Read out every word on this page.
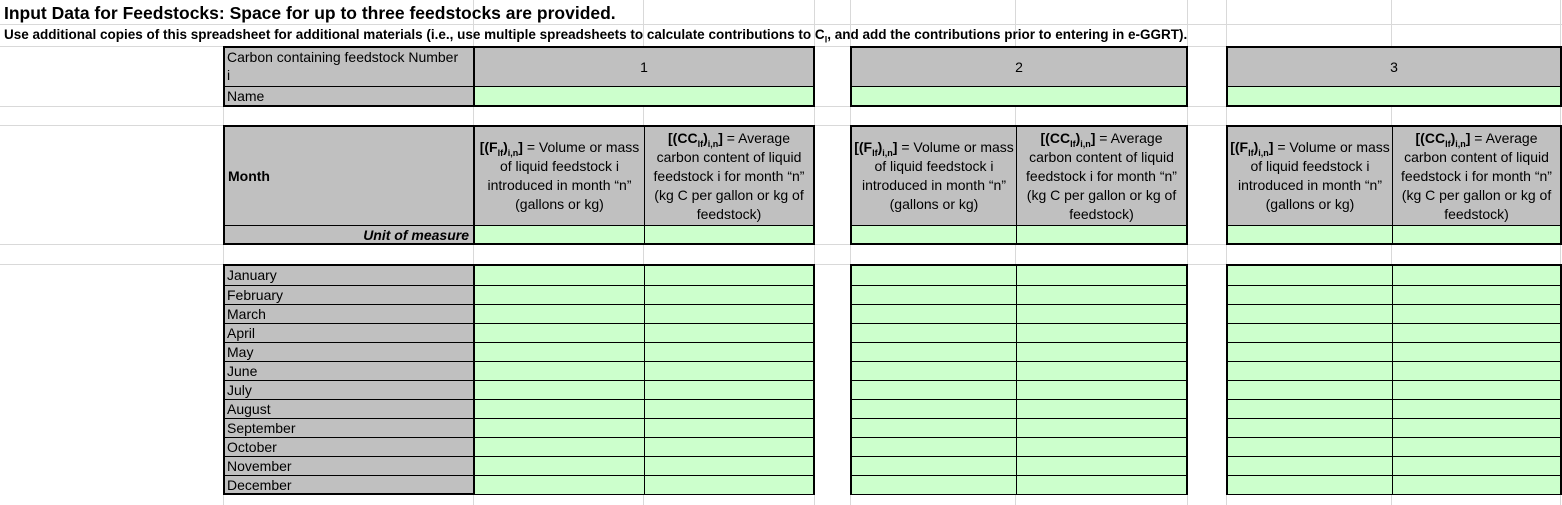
Input Data for Feedstocks: Space for up to three feedstocks are provided.
Use additional copies of this spreadsheet for additional materials (i.e., use multiple spreadsheets to calculate contributions to $C_l$, and add the contributions prior to entering in e-GGRT).
Carbon containing feedstock Number
i
Name
1	2	3
Month
Unit of measure
$[(F_{lf})_{i,n}]$ = Volume or mass of liquid feedstock i introduced in month “n” (gallons or kg)
$[(CC_{lf})_{i,n}]$ = Average carbon content of liquid feedstock i for month “n” (kg C per gallon or kg of feedstock)
$[(F_{lf})_{i,n}]$ = Volume or mass of liquid feedstock i introduced in month “n” (gallons or kg)
$[(CC_{lf})_{i,n}]$ = Average carbon content of liquid feedstock i for month “n” (kg C per gallon or kg of feedstock)
$[(F_{lf})_{i,n}]$ = Volume or mass of liquid feedstock i introduced in month “n” (gallons or kg)
$[(CC_{lf})_{i,n}]$ = Average carbon content of liquid feedstock i for month “n” (kg C per gallon or kg of feedstock)
January
February
March
April
May
June
July
August
September
October
November
December
